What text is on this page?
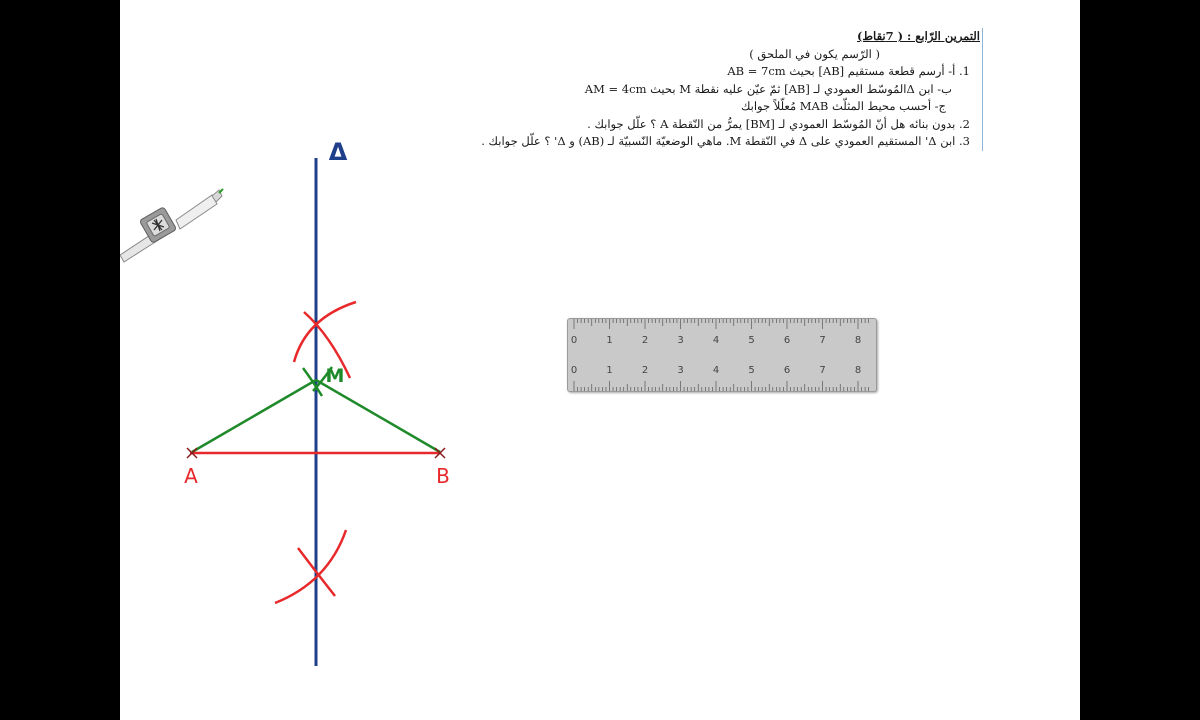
التمرين الرّابع : ( 7نقاط)
( الرّسم يكون في الملحق )
1. أ- أرسم قطعة مستقيم [AB] بحيث AB = 7cm
ب- ابن Δالمُوسّط العمودي لـ [AB] ثمّ عيّن عليه نقطة M بحيث AM = 4cm
ج- أحسب محيط المثلّث MAB مُعلّلاً جوابك
2. بدون بنائه هل أنّ المُوسّط العمودي لـ [BM] يمرُّ من النّقطة A ؟ علّل جوابك .
3. ابن Δ' المستقيم العمودي على Δ في النّقطة M. ماهي الوضعيّة النّسبيّة لـ (AB) و Δ' ؟ علّل جوابك .
Δ
M
A	B
0
0
1
1
2
2
3
3
4
4
5
5
6
6
7
7
8
8
